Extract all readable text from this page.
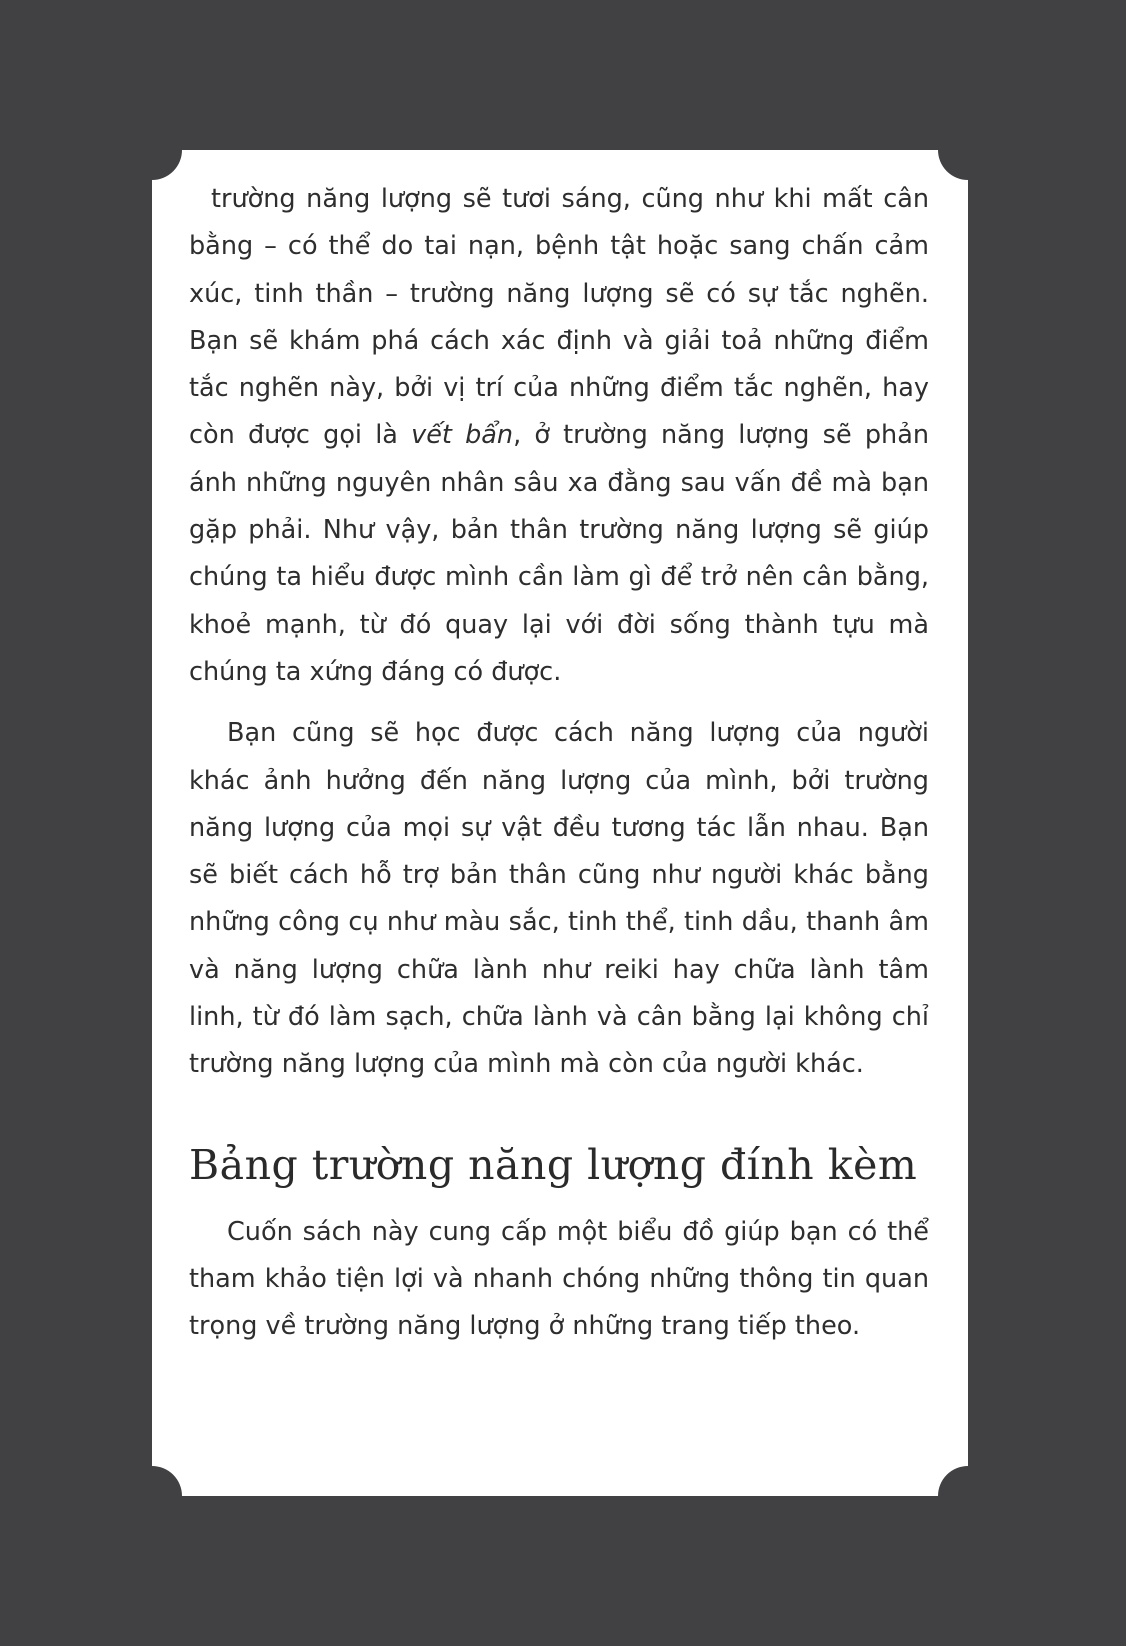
trường năng lượng sẽ tươi sáng, cũng như khi mất cân bằng – có thể do tai nạn, bệnh tật hoặc sang chấn cảm xúc, tinh thần – trường năng lượng sẽ có sự tắc nghẽn. Bạn sẽ khám phá cách xác định và giải toả những điểm tắc nghẽn này, bởi vị trí của những điểm tắc nghẽn, hay còn được gọi là vết bẩn, ở trường năng lượng sẽ phản ánh những nguyên nhân sâu xa đằng sau vấn đề mà bạn gặp phải. Như vậy, bản thân trường năng lượng sẽ giúp chúng ta hiểu được mình cần làm gì để trở nên cân bằng, khoẻ mạnh, từ đó quay lại với đời sống thành tựu mà chúng ta xứng đáng có được.

Bạn cũng sẽ học được cách năng lượng của người khác ảnh hưởng đến năng lượng của mình, bởi trường năng lượng của mọi sự vật đều tương tác lẫn nhau. Bạn sẽ biết cách hỗ trợ bản thân cũng như người khác bằng những công cụ như màu sắc, tinh thể, tinh dầu, thanh âm và năng lượng chữa lành như reiki hay chữa lành tâm linh, từ đó làm sạch, chữa lành và cân bằng lại không chỉ trường năng lượng của mình mà còn của người khác.

Bảng trường năng lượng đính kèm

Cuốn sách này cung cấp một biểu đồ giúp bạn có thể tham khảo tiện lợi và nhanh chóng những thông tin quan trọng về trường năng lượng ở những trang tiếp theo.
